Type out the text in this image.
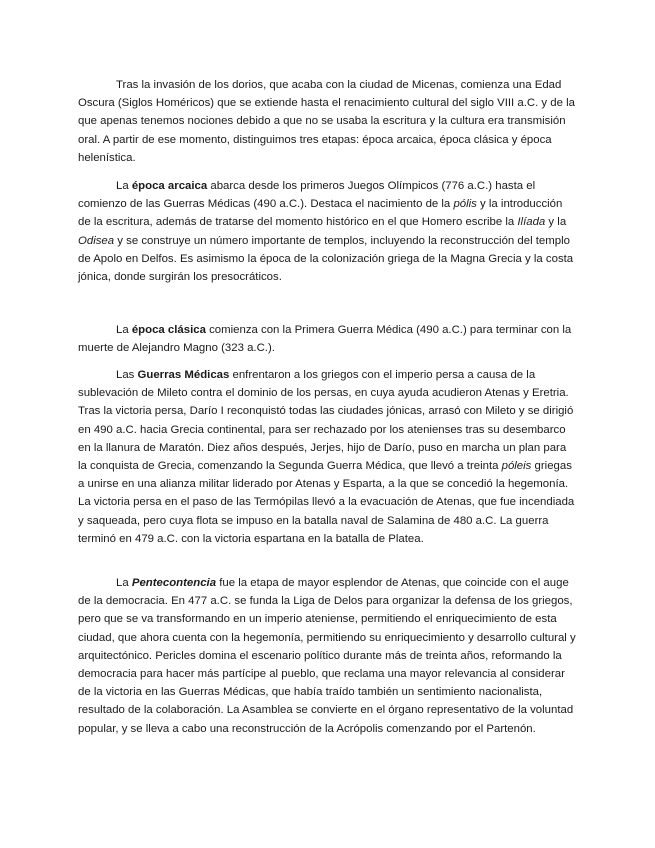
Tras la invasión de los dorios, que acaba con la ciudad de Micenas, comienza una Edad Oscura (Siglos Homéricos) que se extiende hasta el renacimiento cultural del siglo VIII a.C. y de la que apenas tenemos nociones debido a que no se usaba la escritura y la cultura era transmisión oral. A partir de ese momento, distinguimos tres etapas: época arcaica, época clásica y época helenística.

La época arcaica abarca desde los primeros Juegos Olímpicos (776 a.C.) hasta el comienzo de las Guerras Médicas (490 a.C.). Destaca el nacimiento de la pólis y la introducción de la escritura, además de tratarse del momento histórico en el que Homero escribe la Ilíada y la Odisea y se construye un número importante de templos, incluyendo la reconstrucción del templo de Apolo en Delfos. Es asimismo la época de la colonización griega de la Magna Grecia y la costa jónica, donde surgirán los presocráticos.

La época clásica comienza con la Primera Guerra Médica (490 a.C.) para terminar con la muerte de Alejandro Magno (323 a.C.).

Las Guerras Médicas enfrentaron a los griegos con el imperio persa a causa de la sublevación de Mileto contra el dominio de los persas, en cuya ayuda acudieron Atenas y Eretria. Tras la victoria persa, Darío I reconquistó todas las ciudades jónicas, arrasó con Mileto y se dirigió en 490 a.C. hacia Grecia continental, para ser rechazado por los atenienses tras su desembarco en la llanura de Maratón. Diez años después, Jerjes, hijo de Darío, puso en marcha un plan para la conquista de Grecia, comenzando la Segunda Guerra Médica, que llevó a treinta póleis griegas a unirse en una alianza militar liderado por Atenas y Esparta, a la que se concedió la hegemonía. La victoria persa en el paso de las Termópilas llevó a la evacuación de Atenas, que fue incendiada y saqueada, pero cuya flota se impuso en la batalla naval de Salamina de 480 a.C. La guerra terminó en 479 a.C. con la victoria espartana en la batalla de Platea.

La Pentecontencia fue la etapa de mayor esplendor de Atenas, que coincide con el auge de la democracia. En 477 a.C. se funda la Liga de Delos para organizar la defensa de los griegos, pero que se va transformando en un imperio ateniense, permitiendo el enriquecimiento de esta ciudad, que ahora cuenta con la hegemonía, permitiendo su enriquecimiento y desarrollo cultural y arquitectónico. Pericles domina el escenario político durante más de treinta años, reformando la democracia para hacer más partícipe al pueblo, que reclama una mayor relevancia al considerar de la victoria en las Guerras Médicas, que había traído también un sentimiento nacionalista, resultado de la colaboración. La Asamblea se convierte en el órgano representativo de la voluntad popular, y se lleva a cabo una reconstrucción de la Acrópolis comenzando por el Partenón.
